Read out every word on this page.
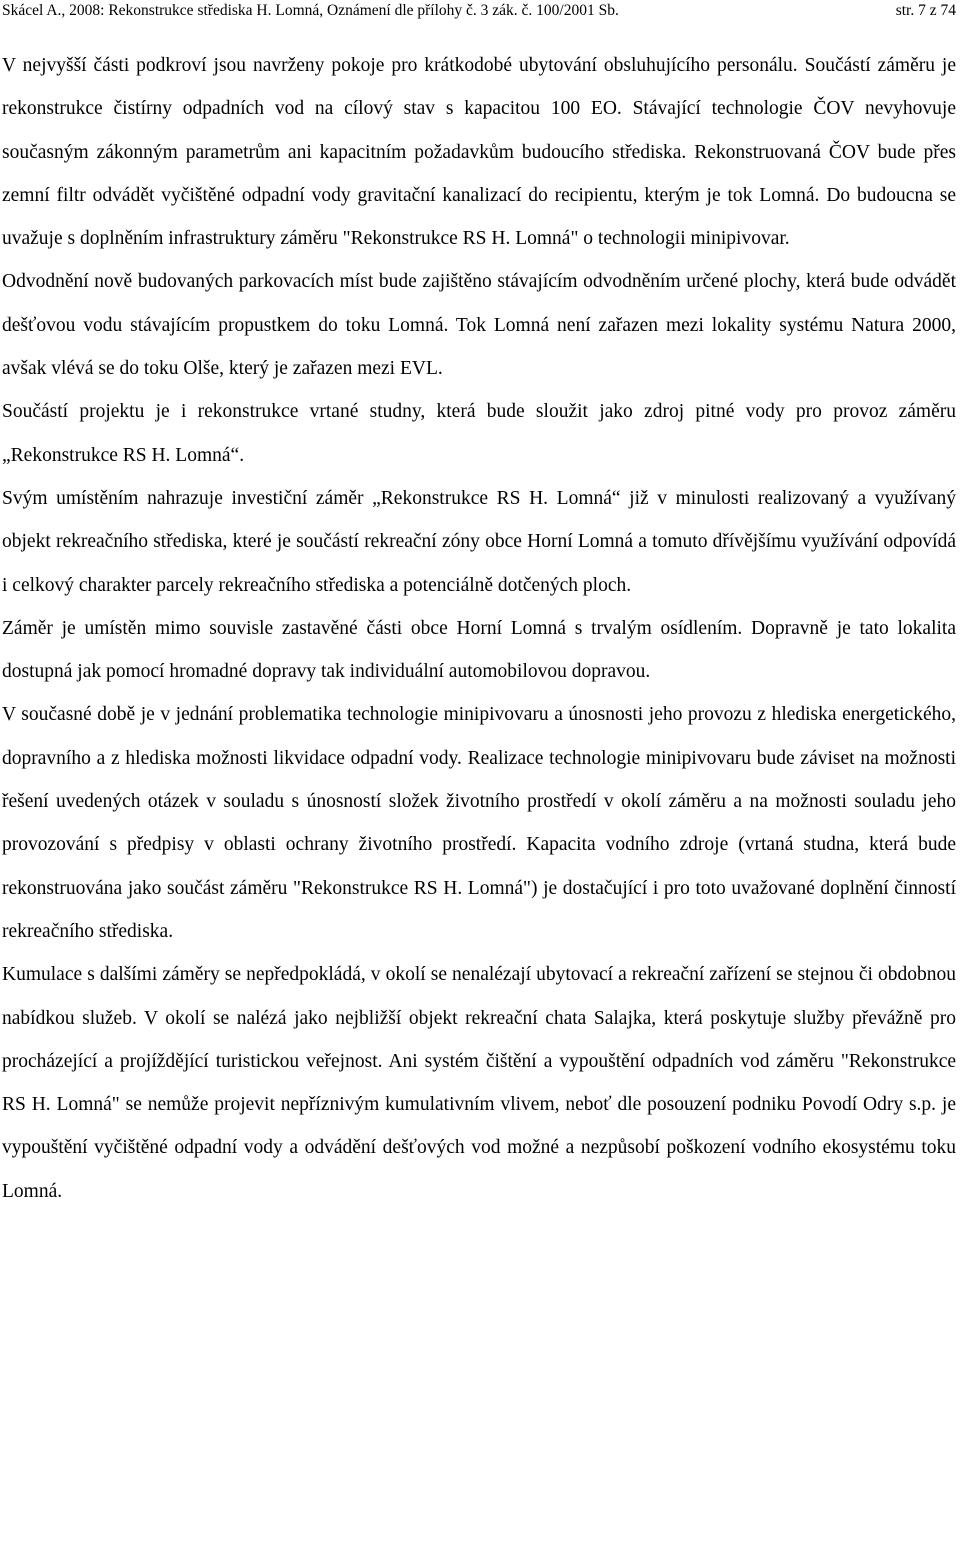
Skácel A., 2008: Rekonstrukce střediska H. Lomná, Oznámení dle přílohy č. 3 zák. č. 100/2001 Sb.	str. 7 z 74

V nejvyšší části podkroví jsou navrženy pokoje pro krátkodobé ubytování obsluhujícího personálu. Součástí záměru je rekonstrukce čistírny odpadních vod na cílový stav s kapacitou 100 EO. Stávající technologie ČOV nevyhovuje současným zákonným parametrům ani kapacitním požadavkům budoucího střediska. Rekonstruovaná ČOV bude přes zemní filtr odvádět vyčištěné odpadní vody gravitační kanalizací do recipientu, kterým je tok Lomná. Do budoucna se uvažuje s doplněním infrastruktury záměru "Rekonstrukce RS H. Lomná" o technologii minipivovar.

Odvodnění nově budovaných parkovacích míst bude zajištěno stávajícím odvodněním určené plochy, která bude odvádět dešťovou vodu stávajícím propustkem do toku Lomná. Tok Lomná není zařazen mezi lokality systému Natura 2000, avšak vlévá se do toku Olše, který je zařazen mezi EVL.

Součástí projektu je i rekonstrukce vrtané studny, která bude sloužit jako zdroj pitné vody pro provoz záměru „Rekonstrukce RS H. Lomná“.

Svým umístěním nahrazuje investiční záměr „Rekonstrukce RS H. Lomná“ již v minulosti realizovaný a využívaný objekt rekreačního střediska, které je součástí rekreační zóny obce Horní Lomná a tomuto dřívějšímu využívání odpovídá i celkový charakter parcely rekreačního střediska a potenciálně dotčených ploch.

Záměr je umístěn mimo souvisle zastavěné části obce Horní Lomná s trvalým osídlením. Dopravně je tato lokalita dostupná jak pomocí hromadné dopravy tak individuální automobilovou dopravou.

V současné době je v jednání problematika technologie minipivovaru a únosnosti jeho provozu z hlediska energetického, dopravního a z hlediska možnosti likvidace odpadní vody. Realizace technologie minipivovaru bude záviset na možnosti řešení uvedených otázek v souladu s únosností složek životního prostředí v okolí záměru a na možnosti souladu jeho provozování s předpisy v oblasti ochrany životního prostředí. Kapacita vodního zdroje (vrtaná studna, která bude rekonstruována jako součást záměru "Rekonstrukce RS H. Lomná") je dostačující i pro toto uvažované doplnění činností rekreačního střediska.

Kumulace s dalšími záměry se nepředpokládá, v okolí se nenalézají ubytovací a rekreační zařízení se stejnou či obdobnou nabídkou služeb. V okolí se nalézá jako nejbližší objekt rekreační chata Salajka, která poskytuje služby převážně pro procházející a projíždějící turistickou veřejnost. Ani systém čištění a vypouštění odpadních vod záměru "Rekonstrukce RS H. Lomná" se nemůže projevit nepříznivým kumulativním vlivem, neboť dle posouzení podniku Povodí Odry s.p. je vypouštění vyčištěné odpadní vody a odvádění dešťových vod možné a nezpůsobí poškození vodního ekosystému toku Lomná.
